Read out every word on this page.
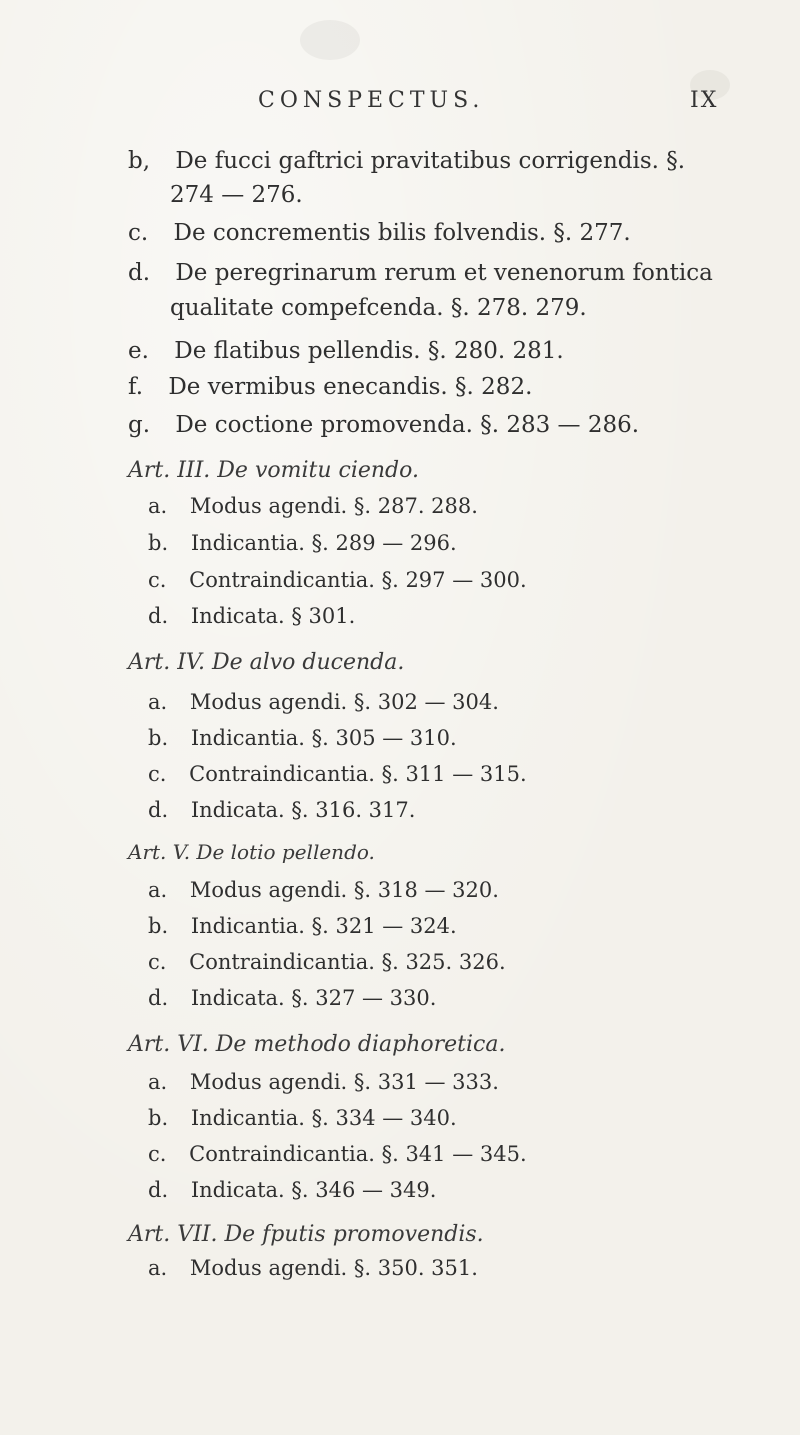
CONSPECTUS.	IX
b, De fucci gaftrici pravitatibus corrigendis. §.
274 — 276.
c. De concrementis bilis folvendis. §. 277.
d. De peregrinarum rerum et venenorum fontica
qualitate compefcenda. §. 278. 279.
e. De flatibus pellendis. §. 280. 281.
f. De vermibus enecandis. §. 282.
g. De coctione promovenda. §. 283 — 286.
Art. III. De vomitu ciendo.
a. Modus agendi. §. 287. 288.
b. Indicantia. §. 289 — 296.
c. Contraindicantia. §. 297 — 300.
d. Indicata. § 301.
Art. IV. De alvo ducenda.
a. Modus agendi. §. 302 — 304.
b. Indicantia. §. 305 — 310.
c. Contraindicantia. §. 311 — 315.
d. Indicata. §. 316. 317.
Art. V. De lotio pellendo.
a. Modus agendi. §. 318 — 320.
b. Indicantia. §. 321 — 324.
c. Contraindicantia. §. 325. 326.
d. Indicata. §. 327 — 330.
Art. VI. De methodo diaphoretica.
a. Modus agendi. §. 331 — 333.
b. Indicantia. §. 334 — 340.
c. Contraindicantia. §. 341 — 345.
d. Indicata. §. 346 — 349.
Art. VII. De fputis promovendis.
a. Modus agendi. §. 350. 351.
